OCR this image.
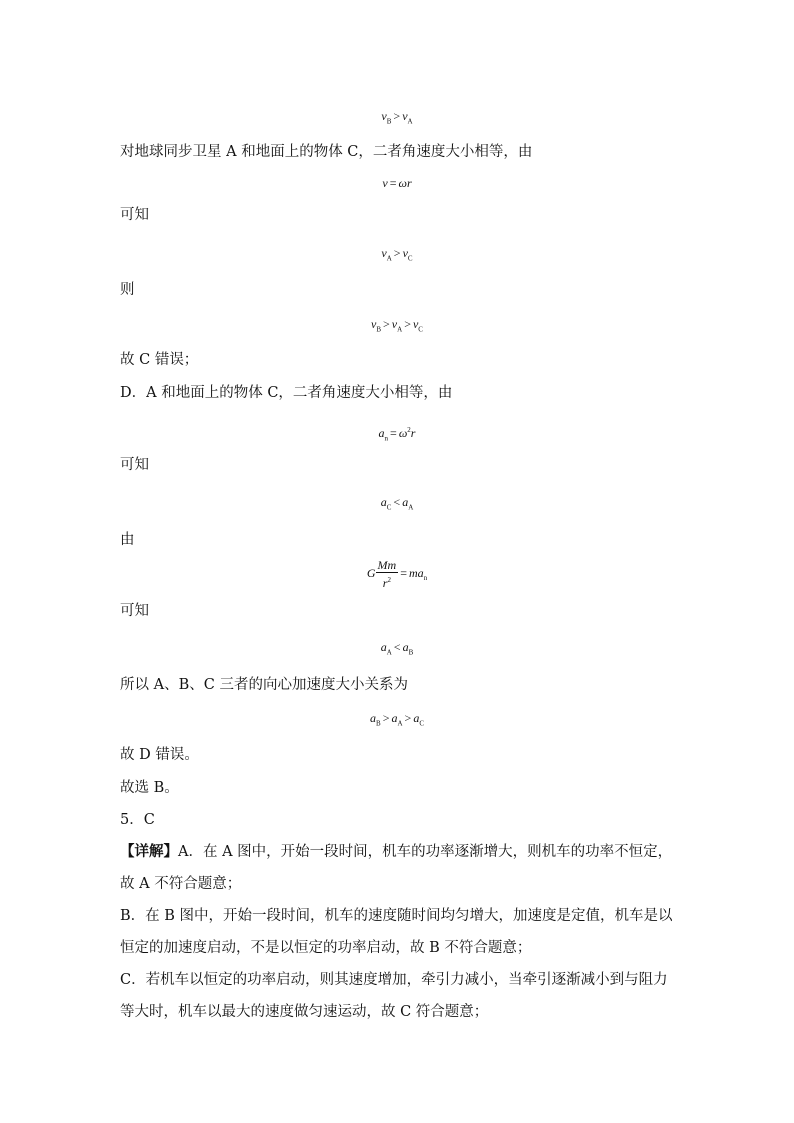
$v_B > v_A$
对地球同步卫星 A 和地面上的物体 C，二者角速度大小相等，由
v = ωr
可知
$v_A > v_C$
则
$v_B > v_A > v_C$
故 C 错误；
D．A 和地面上的物体 C，二者角速度大小相等，由
$a_n = \omega^2r$
可知
$a_C < a_A$
由
G $\frac{Mm}{r^2} = ma_n$
可知
$a_A < a_B$
所以 A、B、C 三者的向心加速度大小关系为
$a_B > a_A > a_C$
故 D 错误。
故选 B。
5．C
【详解】A．在 A 图中，开始一段时间，机车的功率逐渐增大，则机车的功率不恒定，故 A 不符合题意；
B．在 B 图中，开始一段时间，机车的速度随时间均匀增大，加速度是定值，机车是以恒定的加速度启动，不是以恒定的功率启动，故 B 不符合题意；
C．若机车以恒定的功率启动，则其速度增加，牵引力减小，当牵引逐渐减小到与阻力等大时，机车以最大的速度做匀速运动，故 C 符合题意；
